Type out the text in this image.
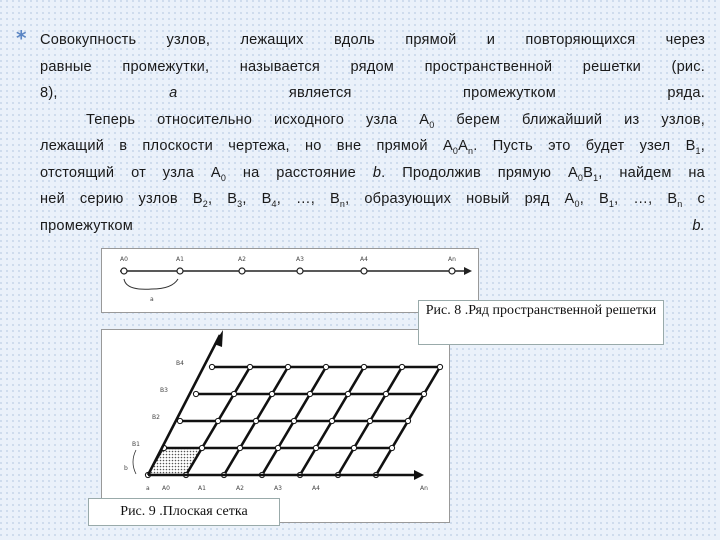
* Совокупность узлов, лежащих вдоль прямой и повторяющихся через

равные промежутки, называется рядом пространственной решетки (рис.

8),	a	является	промежутком	ряда.

Теперь относительно исходного узла $A_0$ берем ближайший из узлов,

лежащий в плоскости чертежа, но вне прямой $A_0A_n$. Пусть это будет узел $B_1$,

отстоящий от узла $A_0$ на расстояние b. Продолжив прямую $A_0B_1$, найдем на

ней серию узлов $B_2$, $B_3$, $B_4$, …, $B_n$, образующих новый ряд $A_0$, $B_1$, …, $B_n$ с

промежутком	b.

A0	A1	A2	A3	A4	An
a
B4
B3
B2
B1
b
a A0	A1	A2	A3	A4	An
Рис. 8 .Ряд пространственной решетки
Рис. 9 .Плоская сетка
